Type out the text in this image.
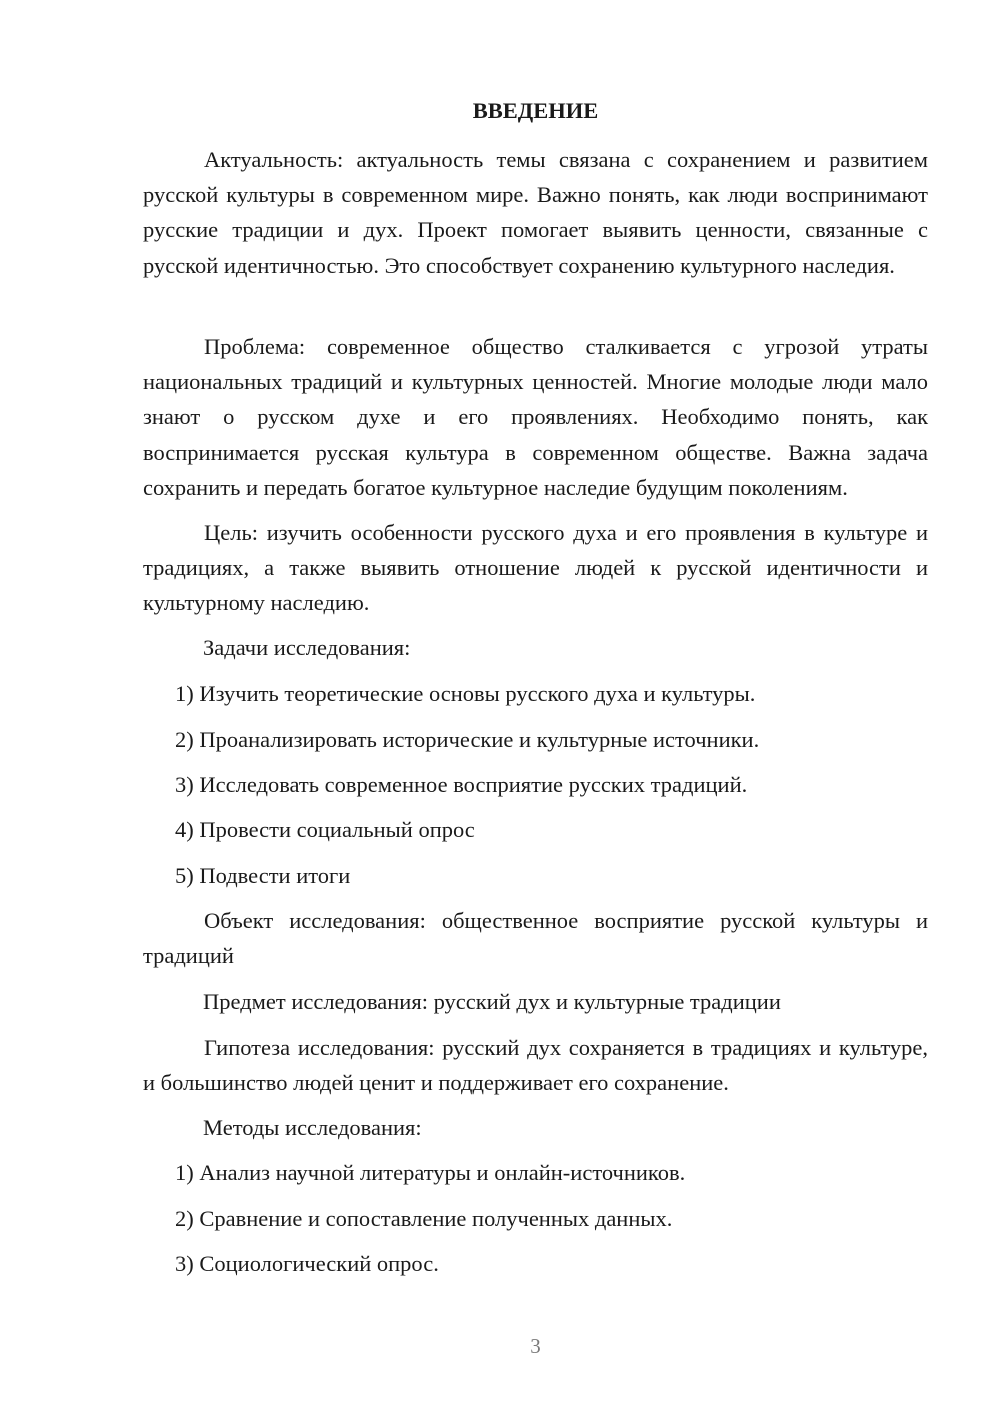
ВВЕДЕНИЕ

Актуальность: актуальность темы связана с сохранением и развитием русской культуры в современном мире. Важно понять, как люди воспринимают русские традиции и дух. Проект помогает выявить ценности, связанные с русской идентичностью. Это способствует сохранению культурного наследия.

Проблема: современное общество сталкивается с угрозой утраты национальных традиций и культурных ценностей. Многие молодые люди мало знают о русском духе и его проявлениях. Необходимо понять, как воспринимается русская культура в современном обществе. Важна задача сохранить и передать богатое культурное наследие будущим поколениям.

Цель: изучить особенности русского духа и его проявления в культуре и традициях, а также выявить отношение людей к русской идентичности и культурному наследию.

Задачи исследования:

1) Изучить теоретические основы русского духа и культуры.

2) Проанализировать исторические и культурные источники.

3) Исследовать современное восприятие русских традиций.

4) Провести социальный опрос

5) Подвести итоги

Объект исследования: общественное восприятие русской культуры и традиций

Предмет исследования: русский дух и культурные традиции

Гипотеза исследования: русский дух сохраняется в традициях и культуре, и большинство людей ценит и поддерживает его сохранение.

Методы исследования:

1) Анализ научной литературы и онлайн-источников.

2) Сравнение и сопоставление полученных данных.

3) Социологический опрос.

3
